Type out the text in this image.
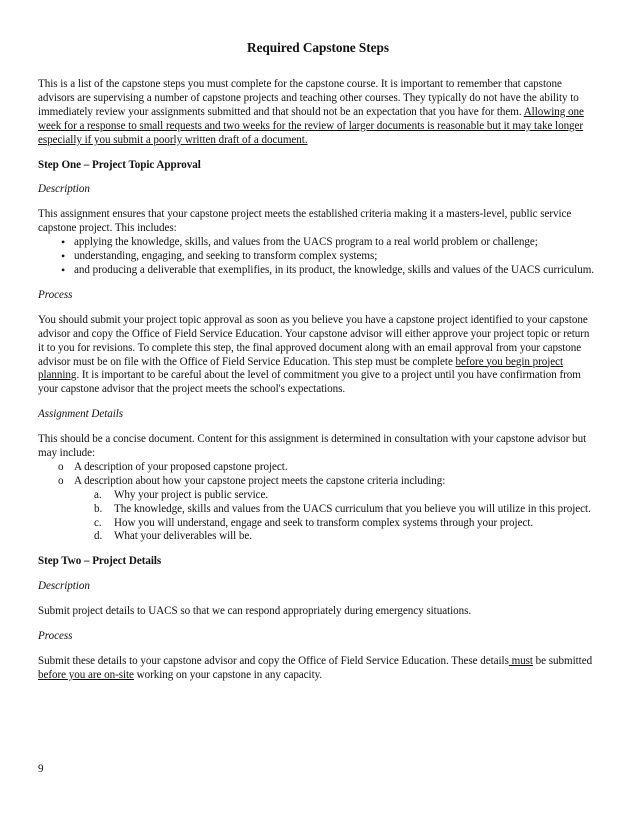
Required Capstone Steps

This is a list of the capstone steps you must complete for the capstone course. It is important to remember that capstone advisors are supervising a number of capstone projects and teaching other courses. They typically do not have the ability to immediately review your assignments submitted and that should not be an expectation that you have for them. Allowing one week for a response to small requests and two weeks for the review of larger documents is reasonable but it may take longer especially if you submit a poorly written draft of a document.

Step One – Project Topic Approval

Description

This assignment ensures that your capstone project meets the established criteria making it a masters-level, public service capstone project. This includes:

• applying the knowledge, skills, and values from the UACS program to a real world problem or challenge;
• understanding, engaging, and seeking to transform complex systems;
• and producing a deliverable that exemplifies, in its product, the knowledge, skills and values of the UACS curriculum.

Process

You should submit your project topic approval as soon as you believe you have a capstone project identified to your capstone advisor and copy the Office of Field Service Education. Your capstone advisor will either approve your project topic or return it to you for revisions. To complete this step, the final approved document along with an email approval from your capstone advisor must be on file with the Office of Field Service Education. This step must be complete before you begin project planning. It is important to be careful about the level of commitment you give to a project until you have confirmation from your capstone advisor that the project meets the school's expectations.

Assignment Details

This should be a concise document. Content for this assignment is determined in consultation with your capstone advisor but may include:

o A description of your proposed capstone project.
o A description about how your capstone project meets the capstone criteria including:
a. Why your project is public service.
b. The knowledge, skills and values from the UACS curriculum that you believe you will utilize in this project.
c. How you will understand, engage and seek to transform complex systems through your project.
d. What your deliverables will be.

Step Two – Project Details

Description

Submit project details to UACS so that we can respond appropriately during emergency situations.

Process

Submit these details to your capstone advisor and copy the Office of Field Service Education. These details must be submitted before you are on-site working on your capstone in any capacity.

9
